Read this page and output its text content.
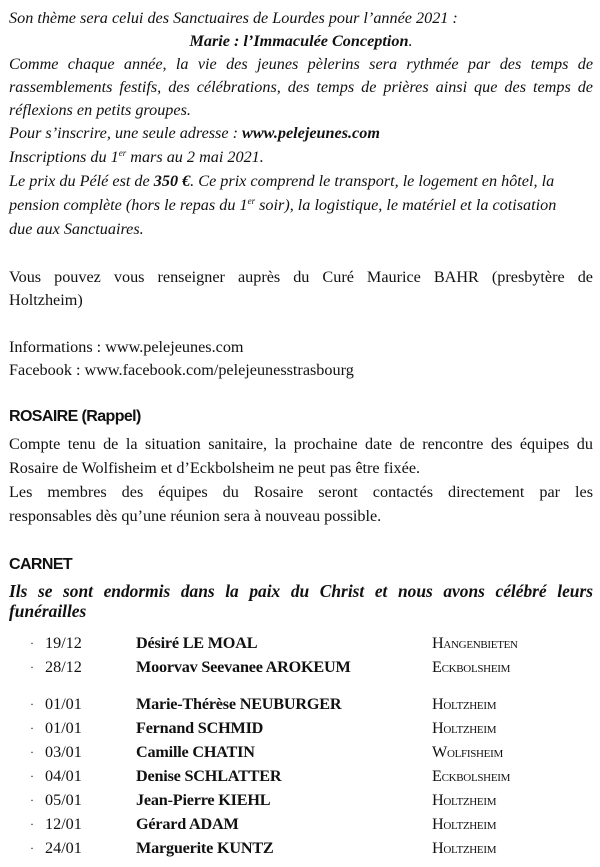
Son thème sera celui des Sanctuaires de Lourdes pour l’année 2021 :
Marie : l’Immaculée Conception.
Comme chaque année, la vie des jeunes pèlerins sera rythmée par des temps de
rassemblements festifs, des célébrations, des temps de prières ainsi que des temps de
réflexions en petits groupes.
Pour s’inscrire, une seule adresse : www.pelejeunes.com
Inscriptions du 1er mars au 2 mai 2021.
Le prix du Pélé est de 350 €. Ce prix comprend le transport, le logement en hôtel, la
pension complète (hors le repas du 1er soir), la logistique, le matériel et la cotisation
due aux Sanctuaires.
Vous pouvez vous renseigner auprès du Curé Maurice BAHR (presbytère de
Holtzheim)
Informations : www.pelejeunes.com
Facebook : www.facebook.com/pelejeunesstrasbourg
ROSAIRE (Rappel)
Compte tenu de la situation sanitaire, la prochaine date de rencontre des équipes du
Rosaire de Wolfisheim et d’Eckbolsheim ne peut pas être fixée.
Les membres des équipes du Rosaire seront contactés directement par les
responsables dès qu’une réunion sera à nouveau possible.
CARNET
Ils se sont endormis dans la paix du Christ et nous avons célébré leurs
funérailles
· 19/12	Désiré LE MOAL	Hangenbieten
· 28/12	Moorvav Seevanee AROKEUM	Eckbolsheim
· 01/01	Marie-Thérèse NEUBURGER	Holtzheim
· 01/01	Fernand SCHMID	Holtzheim
· 03/01	Camille CHATIN	Wolfisheim
· 04/01	Denise SCHLATTER	Eckbolsheim
· 05/01	Jean-Pierre KIEHL	Holtzheim
· 12/01	Gérard ADAM	Holtzheim
· 24/01	Marguerite KUNTZ	Holtzheim
